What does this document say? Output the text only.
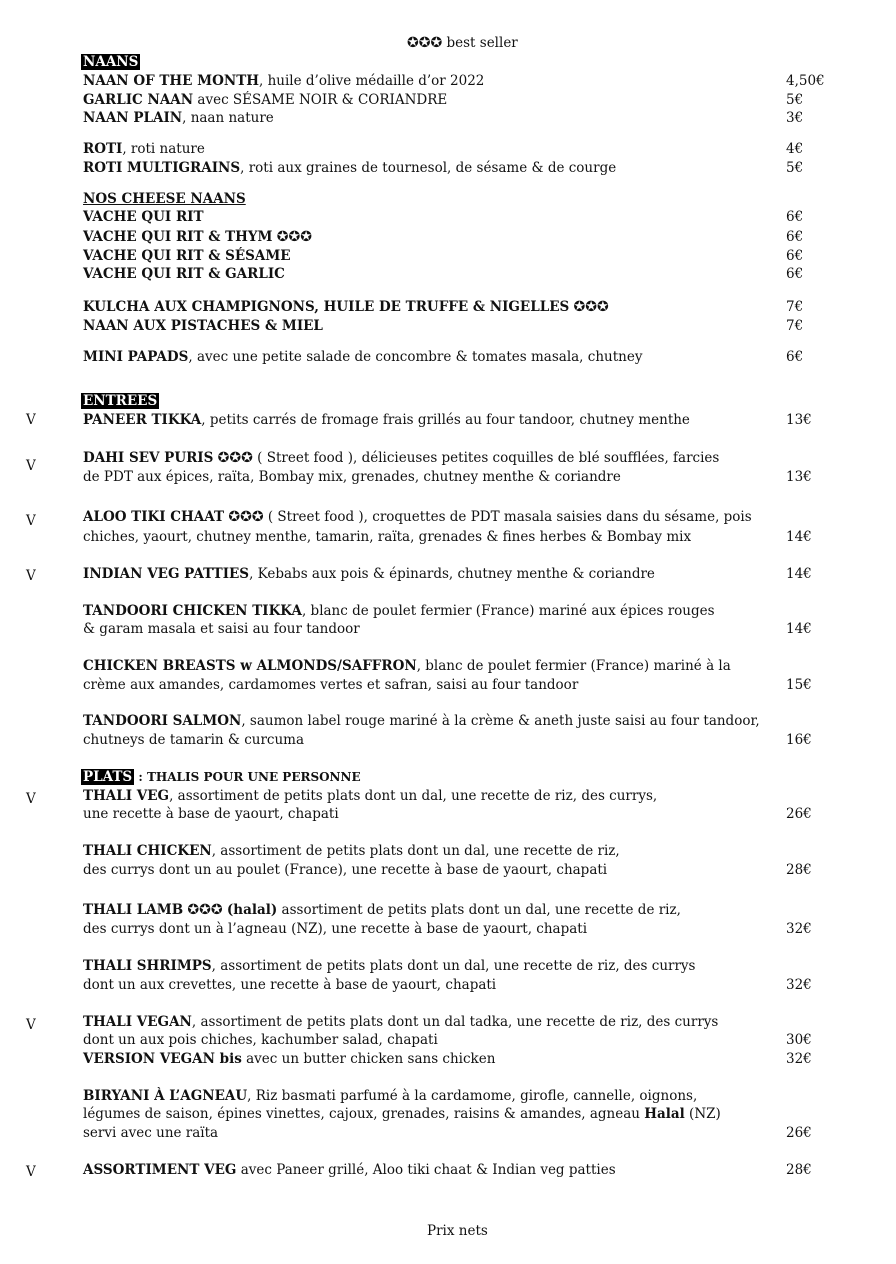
✪✪✪ best seller
NAANS
NAAN OF THE MONTH, huile d’olive médaille d’or 2022	4,50€
GARLIC NAAN avec SÉSAME NOIR & CORIANDRE	5€
NAAN PLAIN, naan nature	3€
ROTI, roti nature	4€
ROTI MULTIGRAINS, roti aux graines de tournesol, de sésame & de courge	5€
NOS CHEESE NAANS
VACHE QUI RIT	6€
VACHE QUI RIT & THYM ✪✪✪	6€
VACHE QUI RIT & SÉSAME	6€
VACHE QUI RIT & GARLIC	6€
KULCHA AUX CHAMPIGNONS, HUILE DE TRUFFE & NIGELLES ✪✪✪	7€
NAAN AUX PISTACHES & MIEL	7€
MINI PAPADS, avec une petite salade de concombre & tomates masala, chutney	6€
ENTREES
V	PANEER TIKKA, petits carrés de fromage frais grillés au four tandoor, chutney menthe	13€
V	DAHI SEV PURIS ✪✪✪ ( Street food ), délicieuses petites coquilles de blé soufflées, farcies
de PDT aux épices, raïta, Bombay mix, grenades, chutney menthe & coriandre	13€
V	ALOO TIKI CHAAT ✪✪✪ ( Street food ), croquettes de PDT masala saisies dans du sésame, pois
chiches, yaourt, chutney menthe, tamarin, raïta, grenades & fines herbes & Bombay mix	14€
V	INDIAN VEG PATTIES, Kebabs aux pois & épinards, chutney menthe & coriandre	14€
TANDOORI CHICKEN TIKKA, blanc de poulet fermier (France) mariné aux épices rouges
& garam masala et saisi au four tandoor	14€
CHICKEN BREASTS w ALMONDS/SAFFRON, blanc de poulet fermier (France) mariné à la
crème aux amandes, cardamomes vertes et safran, saisi au four tandoor	15€
TANDOORI SALMON, saumon label rouge mariné à la crème & aneth juste saisi au four tandoor,
chutneys de tamarin & curcuma	16€
PLATS : THALIS POUR UNE PERSONNE
V	THALI VEG, assortiment de petits plats dont un dal, une recette de riz, des currys,
une recette à base de yaourt, chapati	26€
THALI CHICKEN, assortiment de petits plats dont un dal, une recette de riz,
des currys dont un au poulet (France), une recette à base de yaourt, chapati	28€
THALI LAMB ✪✪✪ (halal) assortiment de petits plats dont un dal, une recette de riz,
des currys dont un à l’agneau (NZ), une recette à base de yaourt, chapati	32€
THALI SHRIMPS, assortiment de petits plats dont un dal, une recette de riz, des currys
dont un aux crevettes, une recette à base de yaourt, chapati	32€
V	THALI VEGAN, assortiment de petits plats dont un dal tadka, une recette de riz, des currys
dont un aux pois chiches, kachumber salad, chapati	30€
VERSION VEGAN bis avec un butter chicken sans chicken	32€
BIRYANI À L’AGNEAU, Riz basmati parfumé à la cardamome, girofle, cannelle, oignons,
légumes de saison, épines vinettes, cajoux, grenades, raisins & amandes, agneau Halal (NZ)
servi avec une raïta	26€
V	ASSORTIMENT VEG avec Paneer grillé, Aloo tiki chaat & Indian veg patties	28€
Prix nets
